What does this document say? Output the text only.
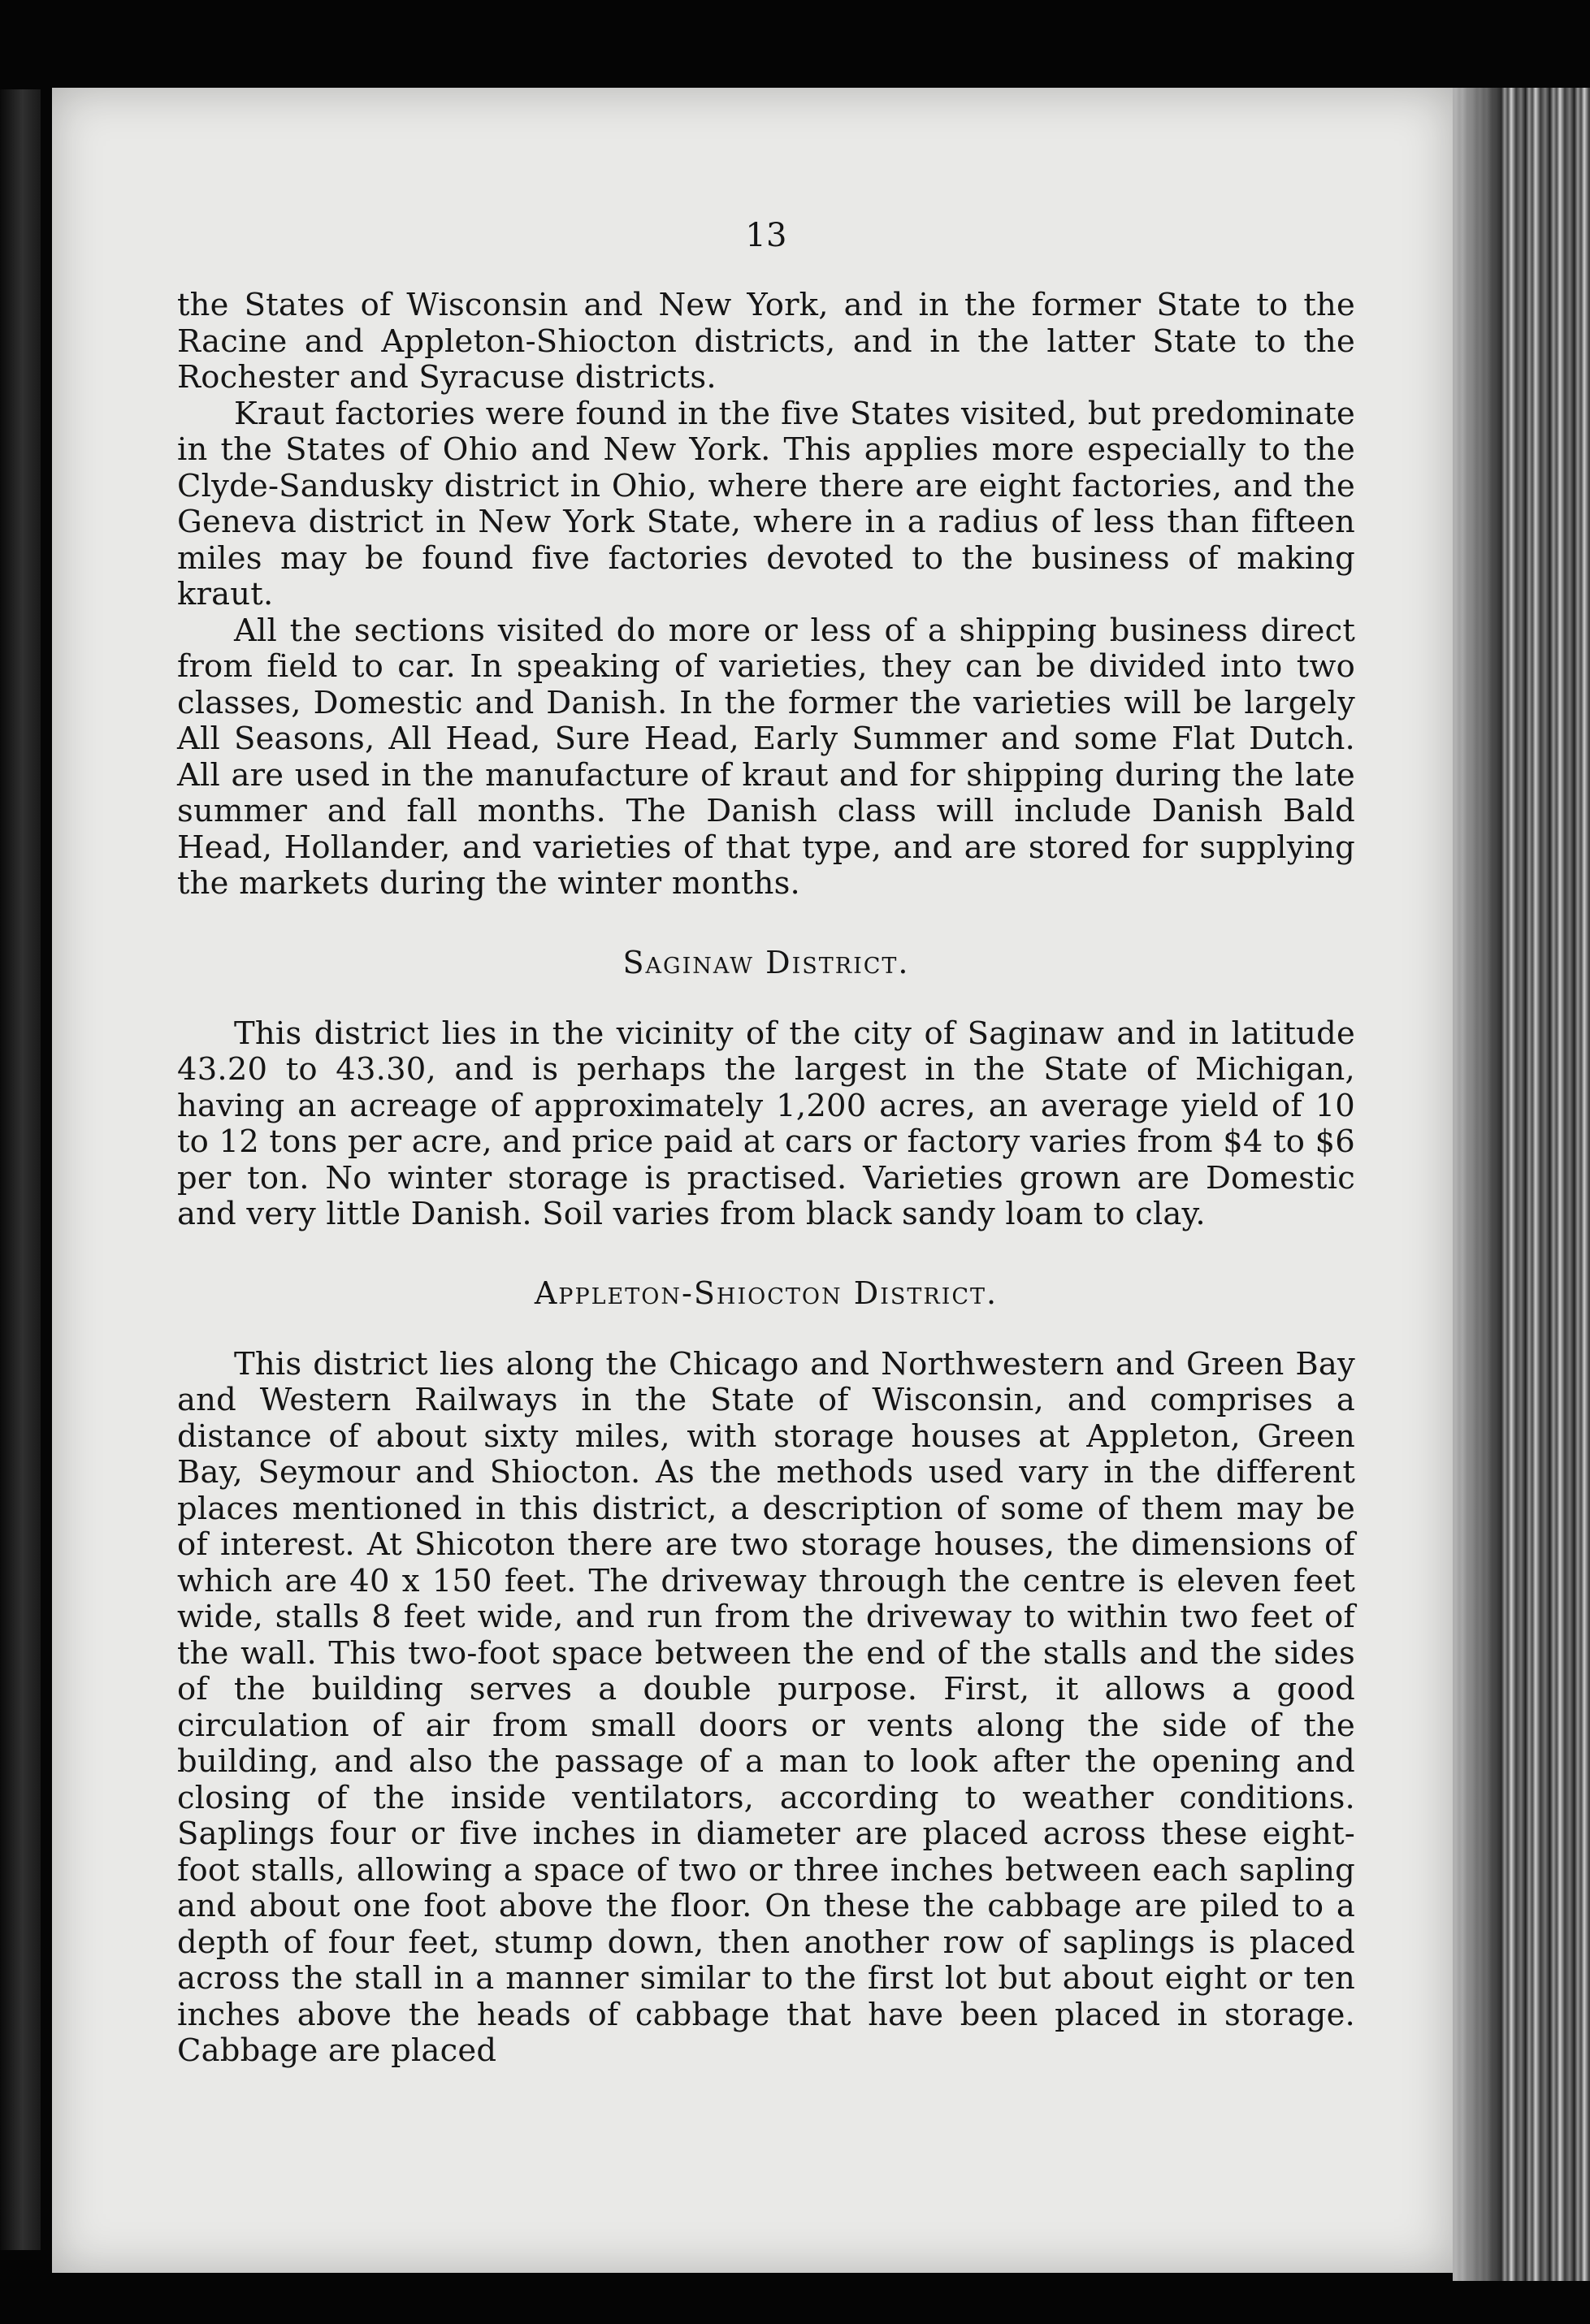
13

the States of Wisconsin and New York, and in the former State to the Racine and Appleton-Shiocton districts, and in the latter State to the Rochester and Syracuse districts.

Kraut factories were found in the five States visited, but predominate in the States of Ohio and New York. This applies more especially to the Clyde-Sandusky district in Ohio, where there are eight factories, and the Geneva district in New York State, where in a radius of less than fifteen miles may be found five factories devoted to the business of making kraut.

All the sections visited do more or less of a shipping business direct from field to car. In speaking of varieties, they can be divided into two classes, Domestic and Danish. In the former the varieties will be largely All Seasons, All Head, Sure Head, Early Summer and some Flat Dutch. All are used in the manufacture of kraut and for shipping during the late summer and fall months. The Danish class will include Danish Bald Head, Hollander, and varieties of that type, and are stored for supplying the markets during the winter months.

Saginaw District.

This district lies in the vicinity of the city of Saginaw and in latitude 43.20 to 43.30, and is perhaps the largest in the State of Michigan, having an acreage of approximately 1,200 acres, an average yield of 10 to 12 tons per acre, and price paid at cars or factory varies from $4 to $6 per ton. No winter storage is practised. Varieties grown are Domestic and very little Danish. Soil varies from black sandy loam to clay.

Appleton-Shiocton District.

This district lies along the Chicago and Northwestern and Green Bay and Western Railways in the State of Wisconsin, and comprises a distance of about sixty miles, with storage houses at Appleton, Green Bay, Seymour and Shiocton. As the methods used vary in the different places mentioned in this district, a description of some of them may be of interest. At Shicoton there are two storage houses, the dimensions of which are 40 x 150 feet. The driveway through the centre is eleven feet wide, stalls 8 feet wide, and run from the driveway to within two feet of the wall. This two-foot space between the end of the stalls and the sides of the building serves a double purpose. First, it allows a good circulation of air from small doors or vents along the side of the building, and also the passage of a man to look after the opening and closing of the inside ventilators, according to weather conditions. Saplings four or five inches in diameter are placed across these eight-foot stalls, allowing a space of two or three inches between each sapling and about one foot above the floor. On these the cabbage are piled to a depth of four feet, stump down, then another row of saplings is placed across the stall in a manner similar to the first lot but about eight or ten inches above the heads of cabbage that have been placed in storage. Cabbage are placed
